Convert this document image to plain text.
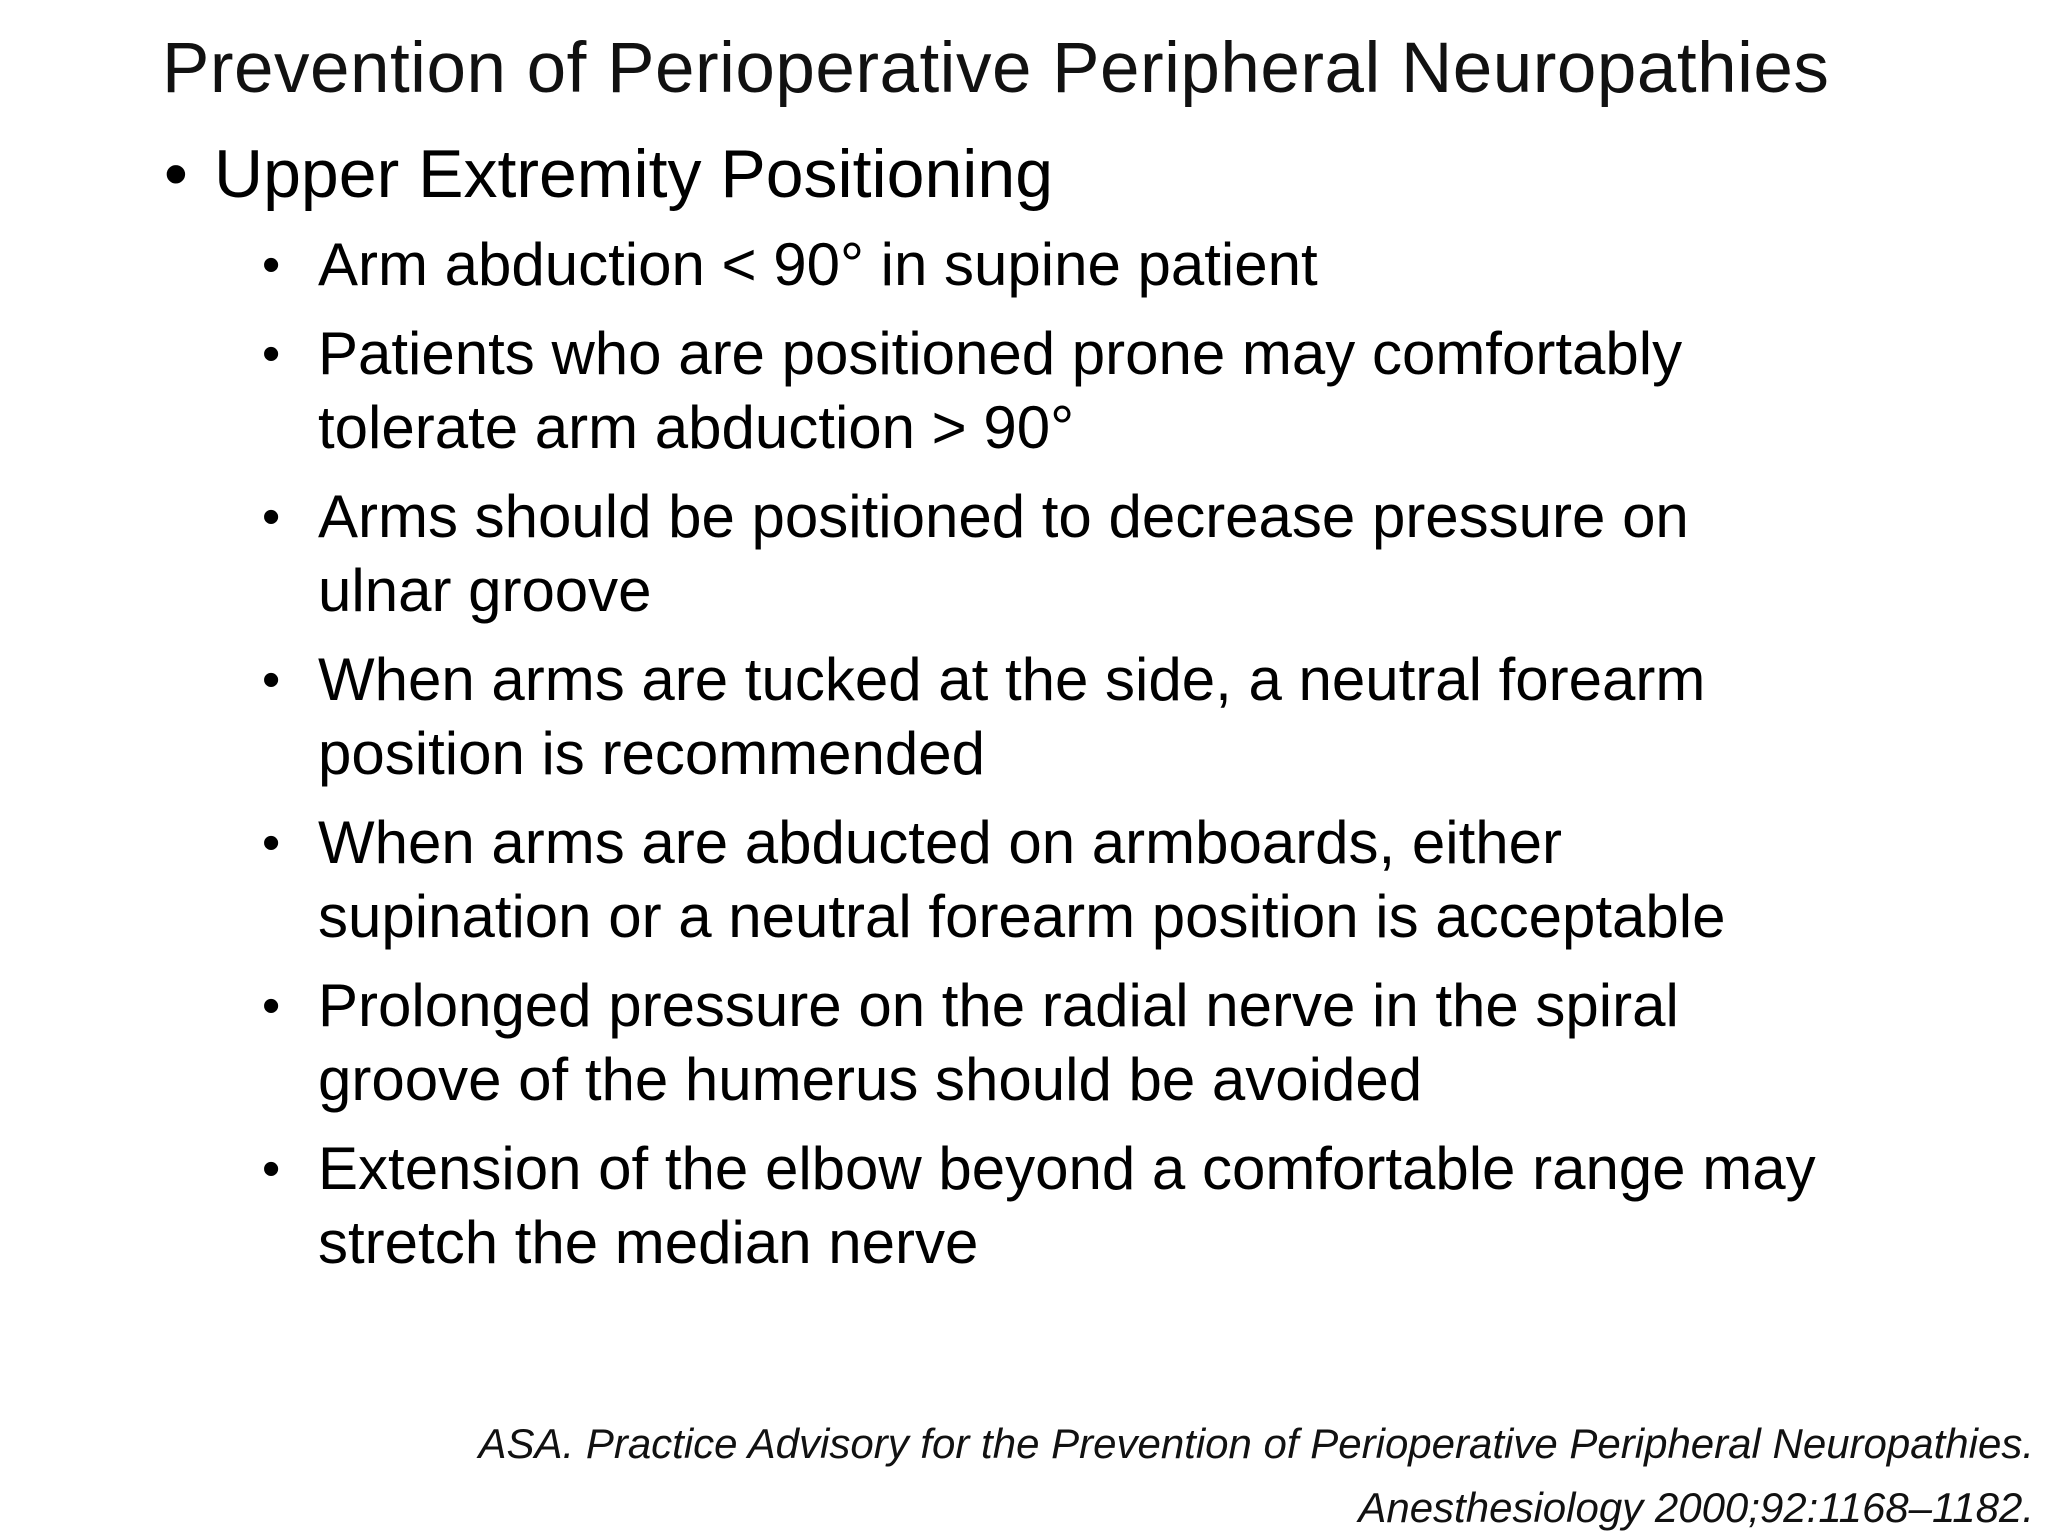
Prevention of Perioperative Peripheral Neuropathies
• Upper Extremity Positioning
• Arm abduction < 90° in supine patient
• Patients who are positioned prone may comfortably
tolerate arm abduction > 90°
• Arms should be positioned to decrease pressure on
ulnar groove
• When arms are tucked at the side, a neutral forearm
position is recommended
• When arms are abducted on armboards, either
supination or a neutral forearm position is acceptable
• Prolonged pressure on the radial nerve in the spiral
groove of the humerus should be avoided
• Extension of the elbow beyond a comfortable range may
stretch the median nerve
ASA. Practice Advisory for the Prevention of Perioperative Peripheral Neuropathies.
Anesthesiology 2000;92:1168–1182.
